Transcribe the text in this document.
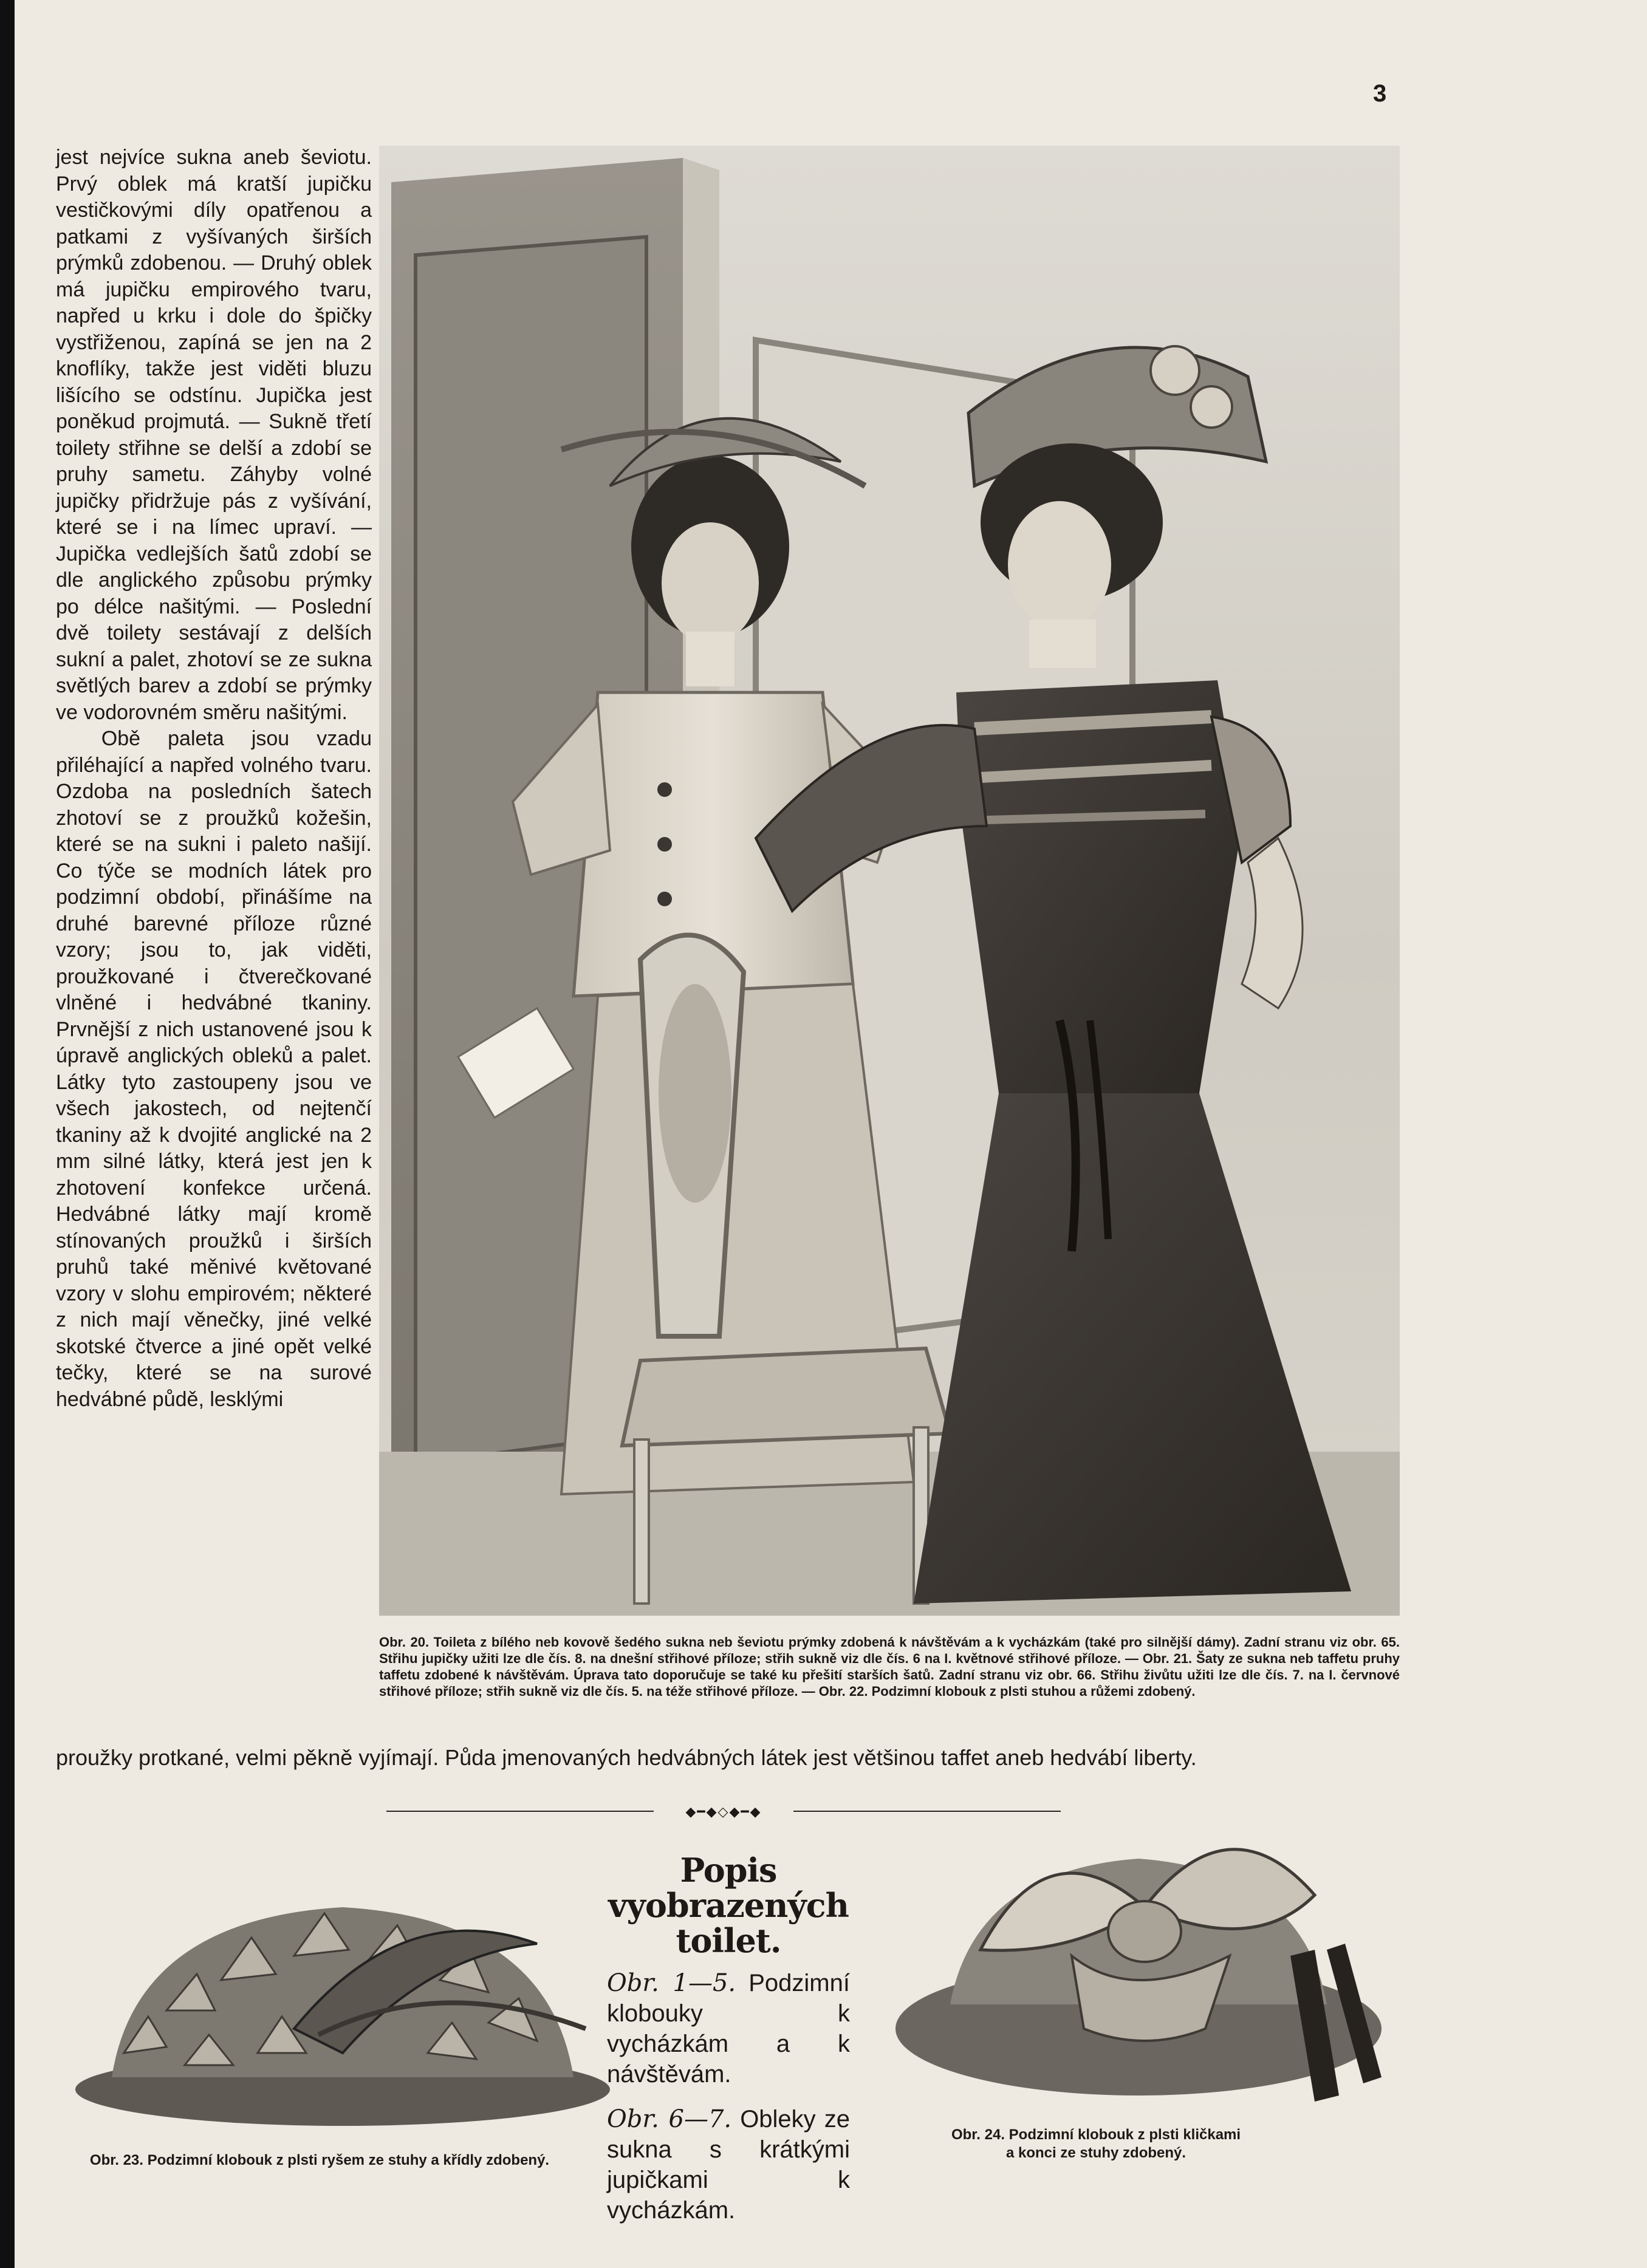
3

jest nejvíce sukna aneb ševiotu. Prvý oblek má kratší jupičku vestičkovými díly opatřenou a patkami z vyšívaných širších prýmků zdobenou. — Druhý oblek má jupičku empirového tvaru, napřed u krku i dole do špičky vystřiženou, zapíná se jen na 2 knoflíky, takže jest viděti bluzu lišícího se odstínu. Jupička jest poněkud projmutá. — Sukně třetí toilety střihne se delší a zdobí se pruhy sametu. Záhyby volné jupičky přidržuje pás z vyšívání, které se i na límec upraví. — Jupička vedlejších šatů zdobí se dle anglického způsobu prýmky po délce našitými. — Poslední dvě toilety sestávají z delších sukní a palet, zhotoví se ze sukna světlých barev a zdobí se prýmky ve vodorovném směru našitými.

Obě paleta jsou vzadu přiléhající a napřed volného tvaru. Ozdoba na posledních šatech zhotoví se z proužků kožešin, které se na sukni i paleto našijí. Co týče se modních látek pro podzimní období, přinášíme na druhé barevné příloze různé vzory; jsou to, jak viděti, proužkované i čtverečkované vlněné i hedvábné tkaniny. Prvnější z nich ustanovené jsou k úpravě anglických obleků a palet. Látky tyto zastoupeny jsou ve všech jakostech, od nejtenčí tkaniny až k dvojité anglické na 2 mm silné látky, která jest jen k zhotovení konfekce určená. Hedvábné látky mají kromě stínovaných proužků i širších pruhů také měnivé květované vzory v slohu empirovém; některé z nich mají věnečky, jiné velké skotské čtverce a jiné opět velké tečky, které se na surové hedvábné půdě, lesklými

Obr. 20. Toileta z bílého neb kovově šedého sukna neb ševiotu prýmky zdobená k návštěvám a k vycházkám (také pro silnější dámy). Zadní stranu viz obr. 65. Střihu jupičky užiti lze dle čís. 8. na dnešní střihové příloze; střih sukně viz dle čís. 6 na I. květnové střihové příloze. — Obr. 21. Šaty ze sukna neb taffetu pruhy taffetu zdobené k návštěvám. Úprava tato doporučuje se také ku přešití starších šatů. Zadní stranu viz obr. 66. Střihu živůtu užiti lze dle čís. 7. na I. červnové střihové příloze; střih sukně viz dle čís. 5. na téže střihové příloze. — Obr. 22. Podzimní klobouk z plsti stuhou a růžemi zdobený.
proužky protkané, velmi pěkně vyjímají. Půda jmenovaných hedvábných látek jest většinou taffet aneb hedvábí liberty.
◆━◆◇◆━◆
Obr. 23. Podzimní klobouk z plsti ryšem ze stuhy a křídly zdobený.
Popis vyobrazených toilet.

Obr. 1—5. Podzimní klobouky k vycházkám a k návštěvám.

Obr. 6—7. Obleky ze sukna s krátkými jupičkami k vycházkám.

Obr. 24. Podzimní klobouk z plsti kličkami
a konci ze stuhy zdobený.
